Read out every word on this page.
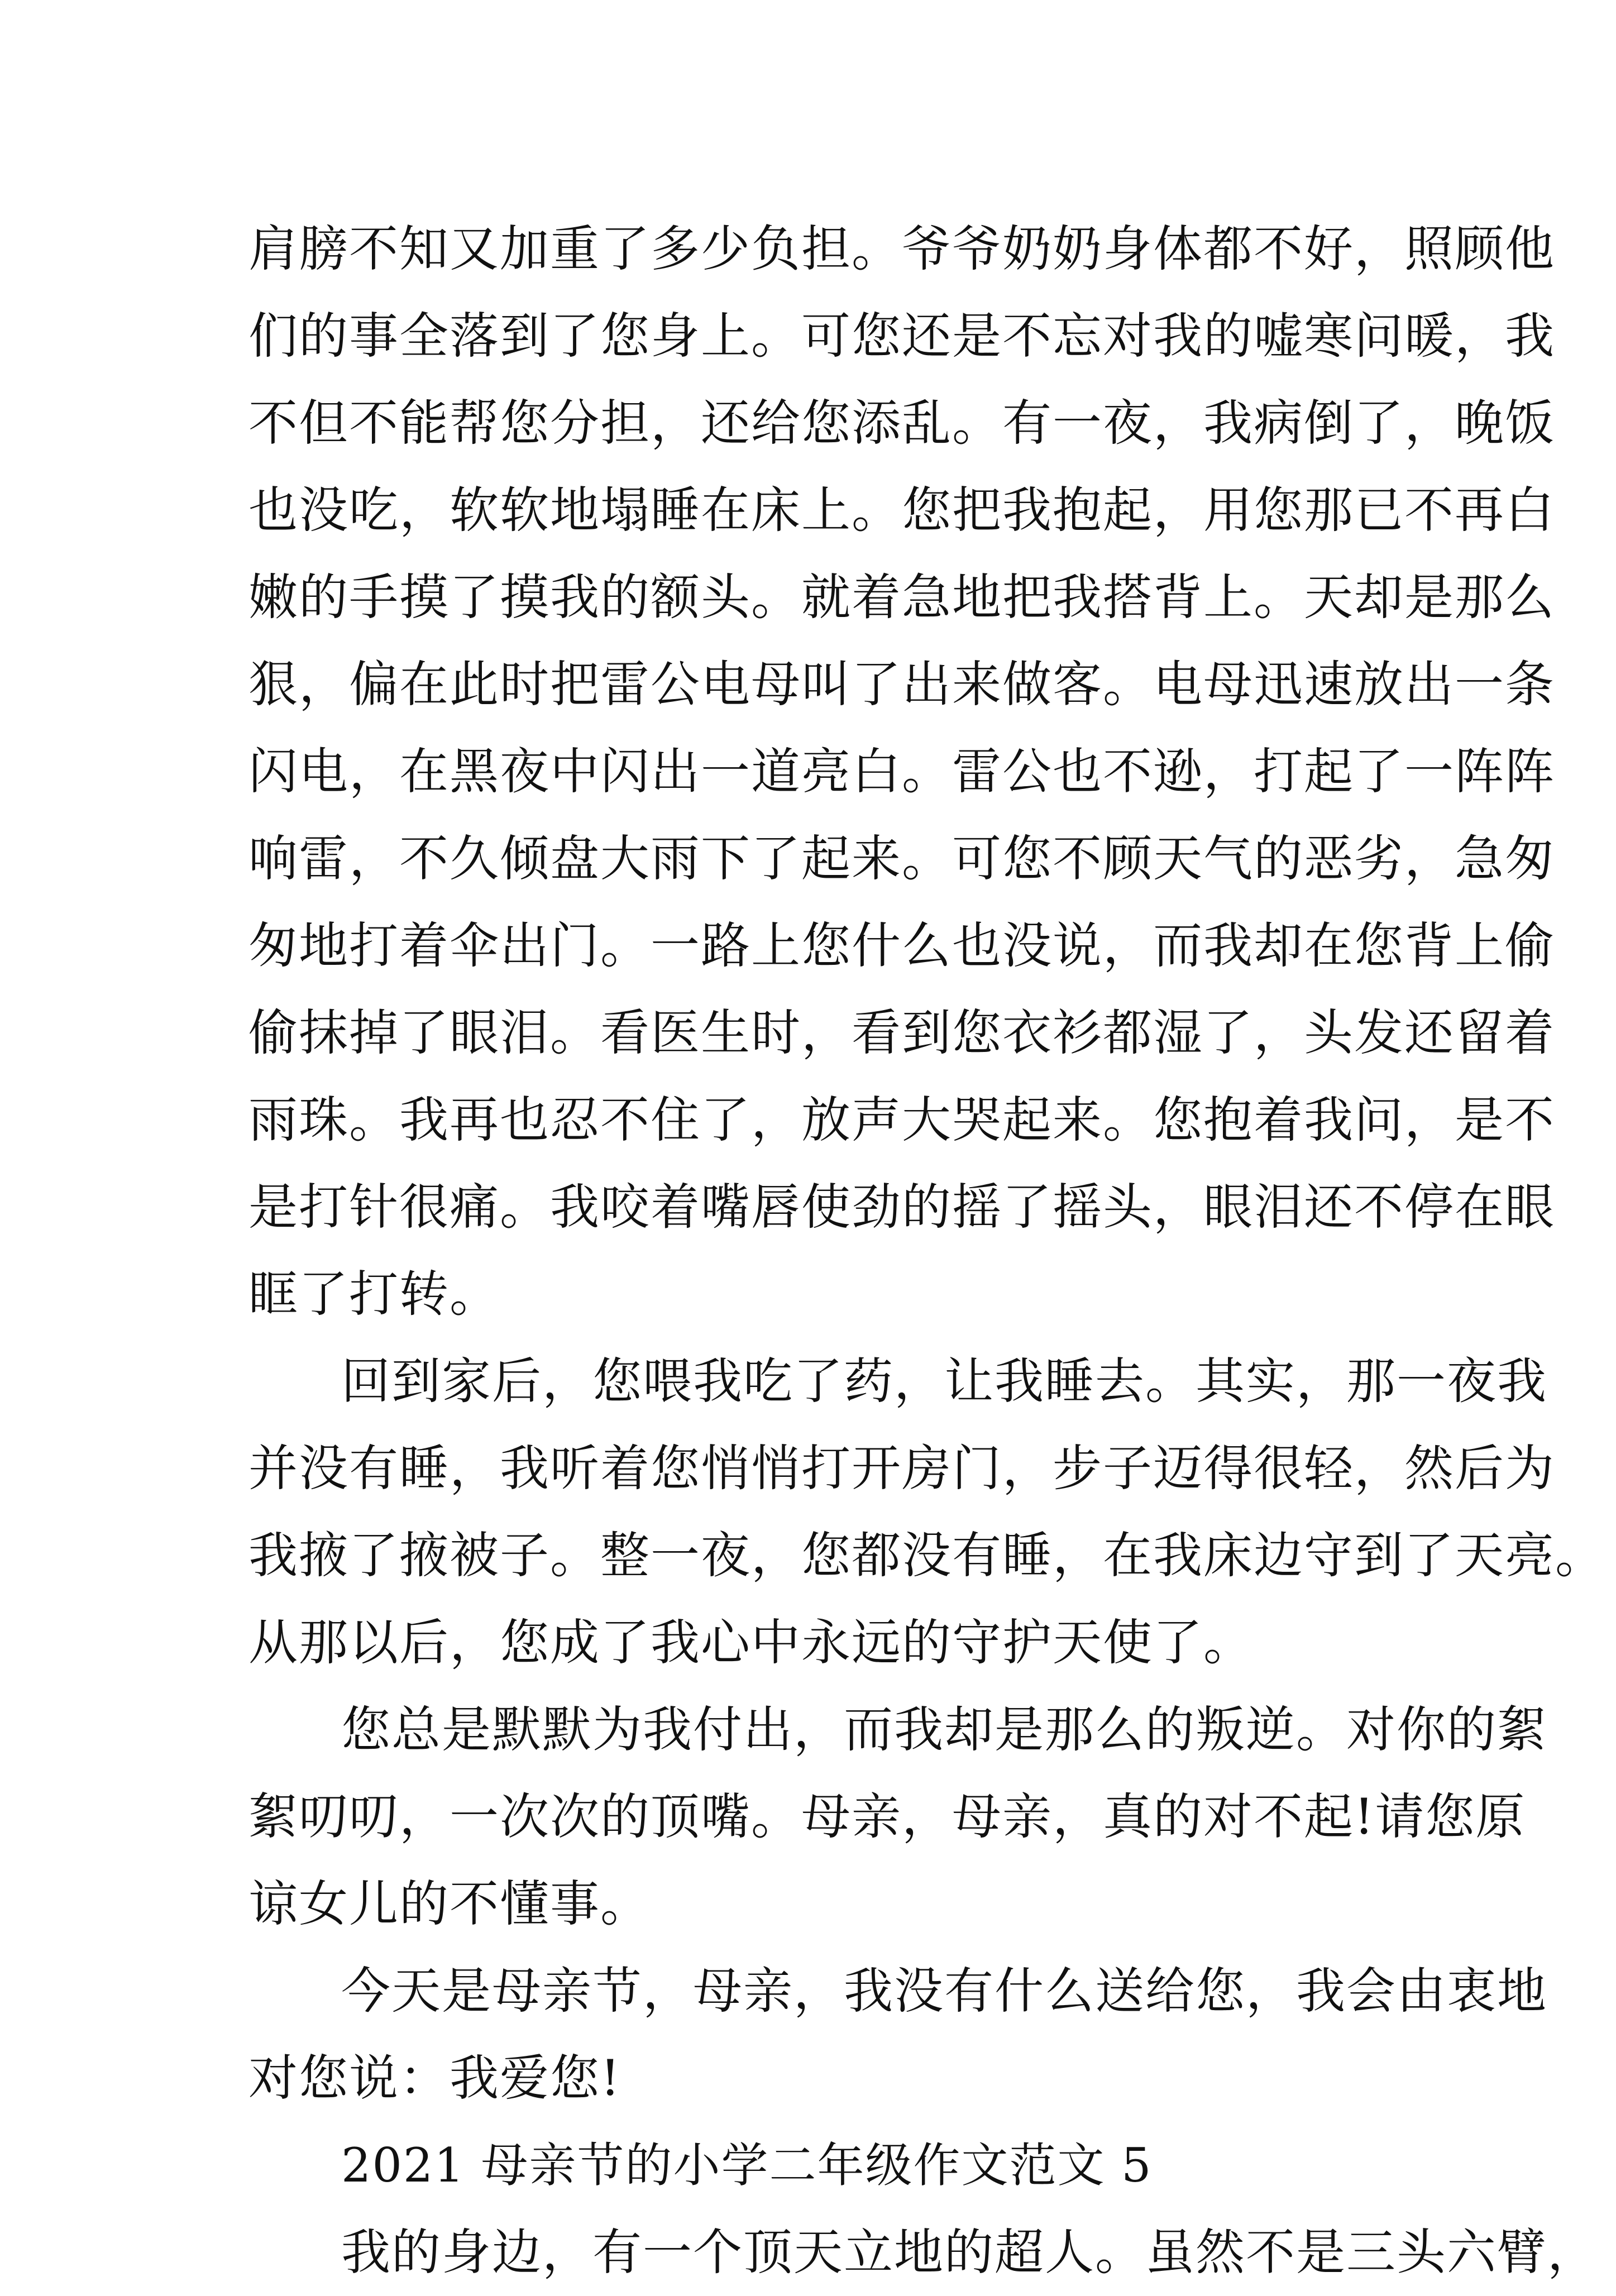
肩膀不知又加重了多少负担。爷爷奶奶身体都不好，照顾他
们的事全落到了您身上。可您还是不忘对我的嘘寒问暖，我
不但不能帮您分担，还给您添乱。有一夜，我病倒了，晚饭
也没吃，软软地塌睡在床上。您把我抱起，用您那已不再白
嫩的手摸了摸我的额头。就着急地把我搭背上。天却是那么
狠，偏在此时把雷公电母叫了出来做客。电母迅速放出一条
闪电，在黑夜中闪出一道亮白。雷公也不逊，打起了一阵阵
响雷，不久倾盘大雨下了起来。可您不顾天气的恶劣，急匆
匆地打着伞出门。一路上您什么也没说，而我却在您背上偷
偷抹掉了眼泪。看医生时，看到您衣衫都湿了，头发还留着
雨珠。我再也忍不住了，放声大哭起来。您抱着我问，是不
是打针很痛。我咬着嘴唇使劲的摇了摇头，眼泪还不停在眼
眶了打转。
回到家后，您喂我吃了药，让我睡去。其实，那一夜我
并没有睡，我听着您悄悄打开房门，步子迈得很轻，然后为
我掖了掖被子。整一夜，您都没有睡，在我床边守到了天亮。
从那以后，您成了我心中永远的守护天使了。
您总是默默为我付出，而我却是那么的叛逆。对你的絮
絮叨叨，一次次的顶嘴。母亲，母亲，真的对不起!请您原
谅女儿的不懂事。
今天是母亲节，母亲，我没有什么送给您，我会由衷地
对您说：我爱您!
2021 母亲节的小学二年级作文范文 5
我的身边，有一个顶天立地的超人。虽然不是三头六臂，
